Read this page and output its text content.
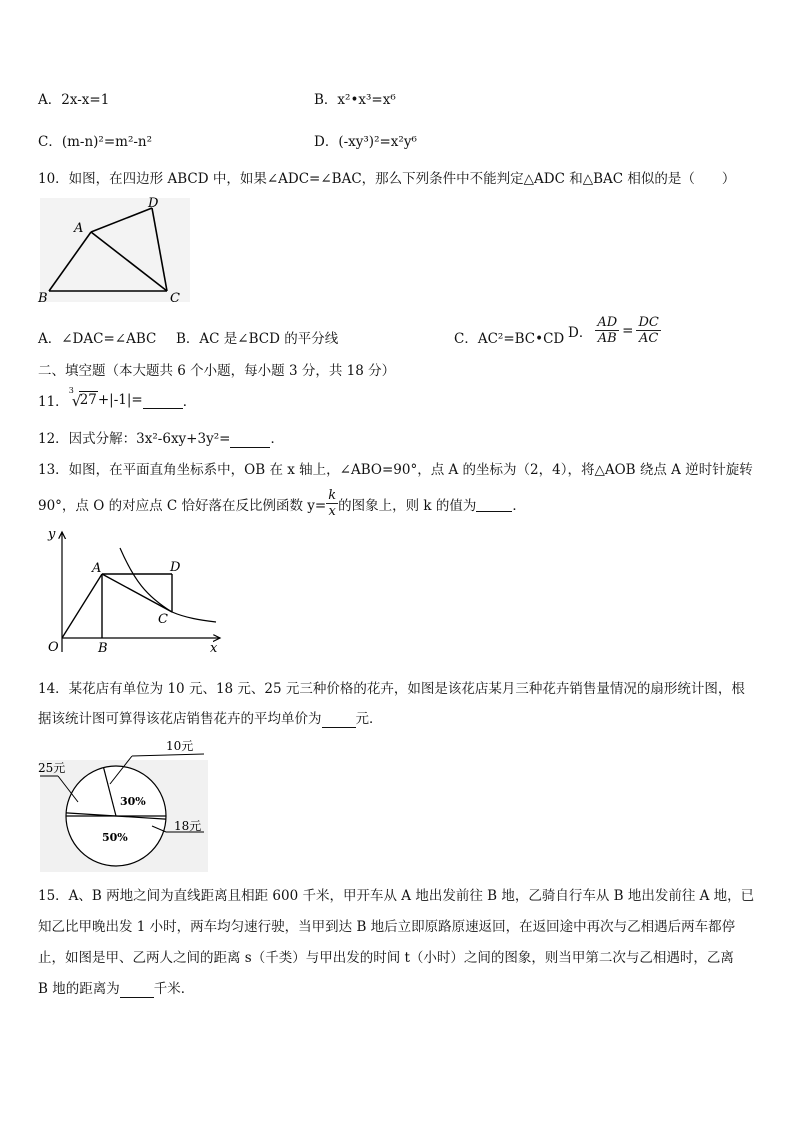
A．2x-x=1	B．x²•x³=x⁶
C．(m-n)²=m²-n²	D．(-xy³)²=x²y⁶
10．如图，在四边形 ABCD 中，如果∠ADC=∠BAC，那么下列条件中不能判定△ADC 和△BAC 相似的是（　　）
A
D
B	C
A．∠DAC=∠ABC B．AC 是∠BCD 的平分线	C．AC²=BC•CD D． $\frac{AD}{AB} = \frac{DC}{AC}$
二、填空题（本大题共 6 个小题，每小题 3 分，共 18 分）
11．
3
√
27 +|-1|=
	．
12．因式分解：3x²-6xy+3y²=	．
13．如图，在平面直角坐标系中，OB 在 x 轴上，∠ABO=90°，点 A 的坐标为（2，4），将△AOB 绕点 A 逆时针旋转
90°，点 O 的对应点 C 恰好落在反比例函数 $y= \frac{k}{x}$ 的图象上，则 k 的值为
	．
y
x
O	B
A	D
C
14．某花店有单位为 10 元、18 元、25 元三种价格的花卉，如图是该花店某月三种花卉销售量情况的扇形统计图，根
据该统计图可算得该花店销售花卉的平均单价为	元．
10元
25元
18元
30%
50%
15．A、B 两地之间为直线距离且相距 600 千米，甲开车从 A 地出发前往 B 地，乙骑自行车从 B 地出发前往 A 地，已
知乙比甲晚出发 1 小时，两车均匀速行驶，当甲到达 B 地后立即原路原速返回，在返回途中再次与乙相遇后两车都停
止，如图是甲、乙两人之间的距离 s（千类）与甲出发的时间 t（小时）之间的图象，则当甲第二次与乙相遇时，乙离
B 地的距离为	千米．
